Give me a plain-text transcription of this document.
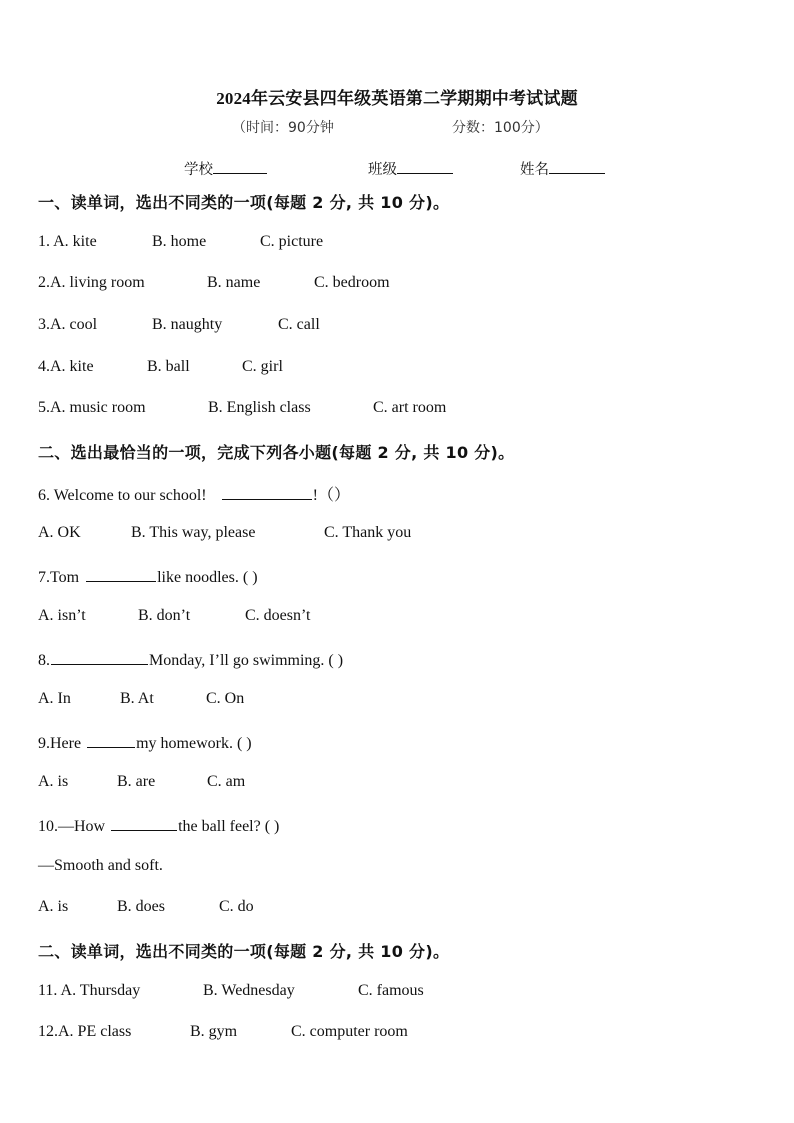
2024年云安县四年级英语第二学期期中考试试题
（时间：90分钟	分数：100分）
学校	班级	姓名
一、读单词，选出不同类的一项(每题 2 分, 共 10 分)。
1. A. kite	B. home	C. picture
2.A. living room	B. name	C. bedroom
3.A. cool	B. naughty	C. call
4.A. kite	B. ball	C. girl
5.A. music room	B. English class	C. art room
二、选出最恰当的一项，完成下列各小题(每题 2 分, 共 10 分)。
6. Welcome to our school!	!（）
A. OK	B. This way, please	C. Thank you
7.Tom	like noodles. ( )
A. isn’t	B. don’t	C. doesn’t
8.	Monday, I’ll go swimming. ( )
A. In	B. At	C. On
9.Here	my homework. ( )
A. is	B. are	C. am
10.—How	the ball feel? ( )
—Smooth and soft.
A. is	B. does	C. do
二、读单词，选出不同类的一项(每题 2 分, 共 10 分)。
11. A. Thursday	B. Wednesday	C. famous
12.A. PE class	B. gym	C. computer room
